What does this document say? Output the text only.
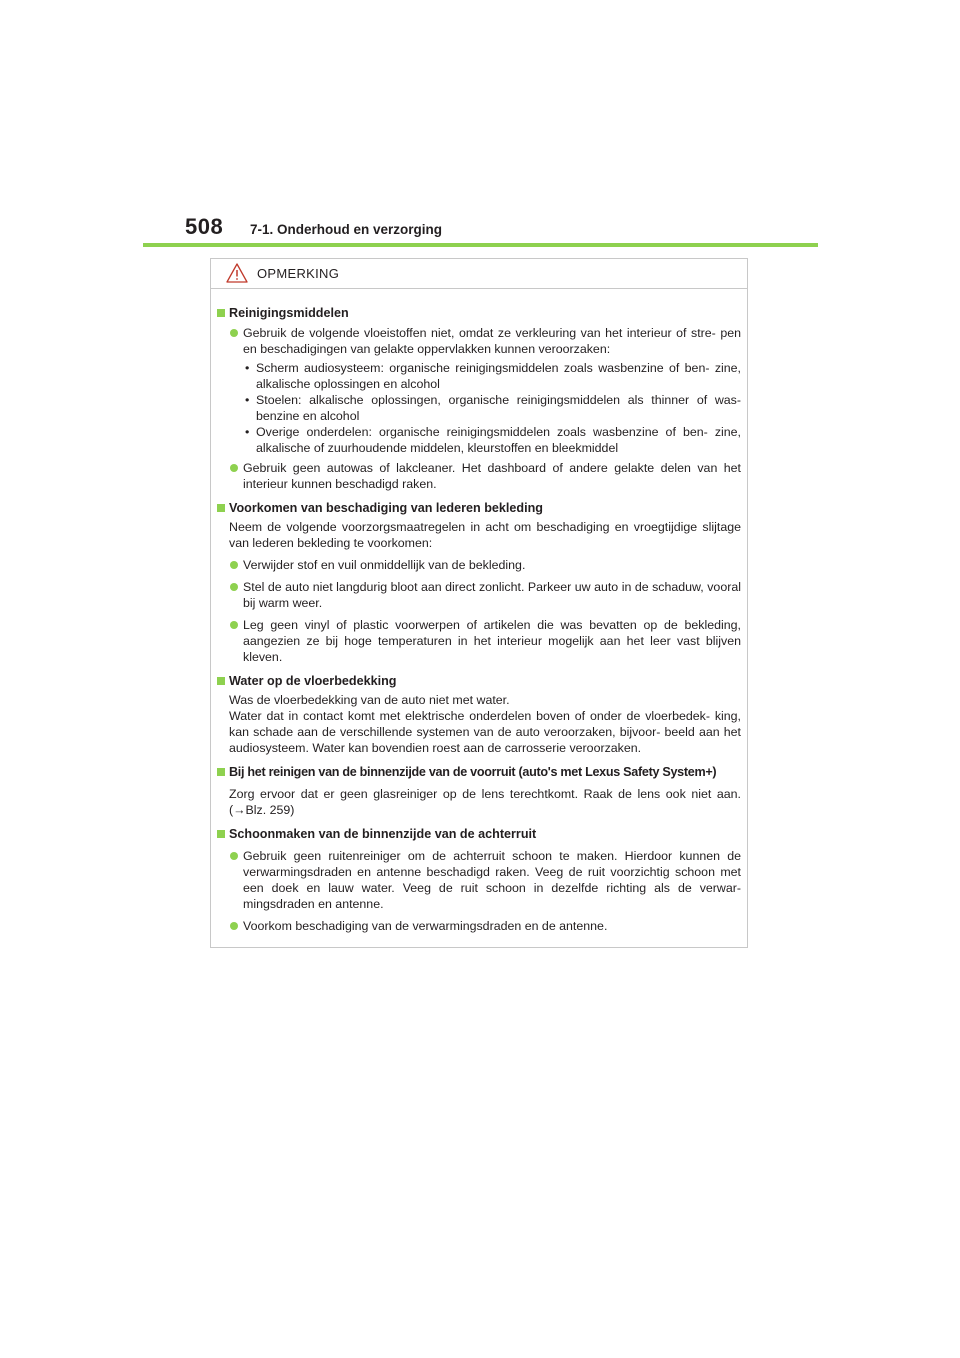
508 7-1. Onderhoud en verzorging
OPMERKING
Reinigingsmiddelen
Gebruik de volgende vloeistoffen niet, omdat ze verkleuring van het interieur of stre- pen en beschadigingen van gelakte oppervlakken kunnen veroorzaken:
• Scherm audiosysteem: organische reinigingsmiddelen zoals wasbenzine of ben- zine, alkalische oplossingen en alcohol
• Stoelen: alkalische oplossingen, organische reinigingsmiddelen als thinner of was- benzine en alcohol
• Overige onderdelen: organische reinigingsmiddelen zoals wasbenzine of ben- zine, alkalische of zuurhoudende middelen, kleurstoffen en bleekmiddel
Gebruik geen autowas of lakcleaner. Het dashboard of andere gelakte delen van het interieur kunnen beschadigd raken.
Voorkomen van beschadiging van lederen bekleding
Neem de volgende voorzorgsmaatregelen in acht om beschadiging en vroegtijdige slijtage van lederen bekleding te voorkomen:
Verwijder stof en vuil onmiddellijk van de bekleding.
Stel de auto niet langdurig bloot aan direct zonlicht. Parkeer uw auto in de schaduw, vooral bij warm weer.
Leg geen vinyl of plastic voorwerpen of artikelen die was bevatten op de bekleding, aangezien ze bij hoge temperaturen in het interieur mogelijk aan het leer vast blijven kleven.
Water op de vloerbedekking
Was de vloerbedekking van de auto niet met water.
Water dat in contact komt met elektrische onderdelen boven of onder de vloerbedek- king, kan schade aan de verschillende systemen van de auto veroorzaken, bijvoor- beeld aan het audiosysteem. Water kan bovendien roest aan de carrosserie veroorzaken.
Bij het reinigen van de binnenzijde van de voorruit (auto's met Lexus Safety System+)
Zorg ervoor dat er geen glasreiniger op de lens terechtkomt. Raak de lens ook niet aan. (→Blz. 259)
Schoonmaken van de binnenzijde van de achterruit
Gebruik geen ruitenreiniger om de achterruit schoon te maken. Hierdoor kunnen de verwarmingsdraden en antenne beschadigd raken. Veeg de ruit voorzichtig schoon met een doek en lauw water. Veeg de ruit schoon in dezelfde richting als de verwar- mingsdraden en antenne.
Voorkom beschadiging van de verwarmingsdraden en de antenne.
